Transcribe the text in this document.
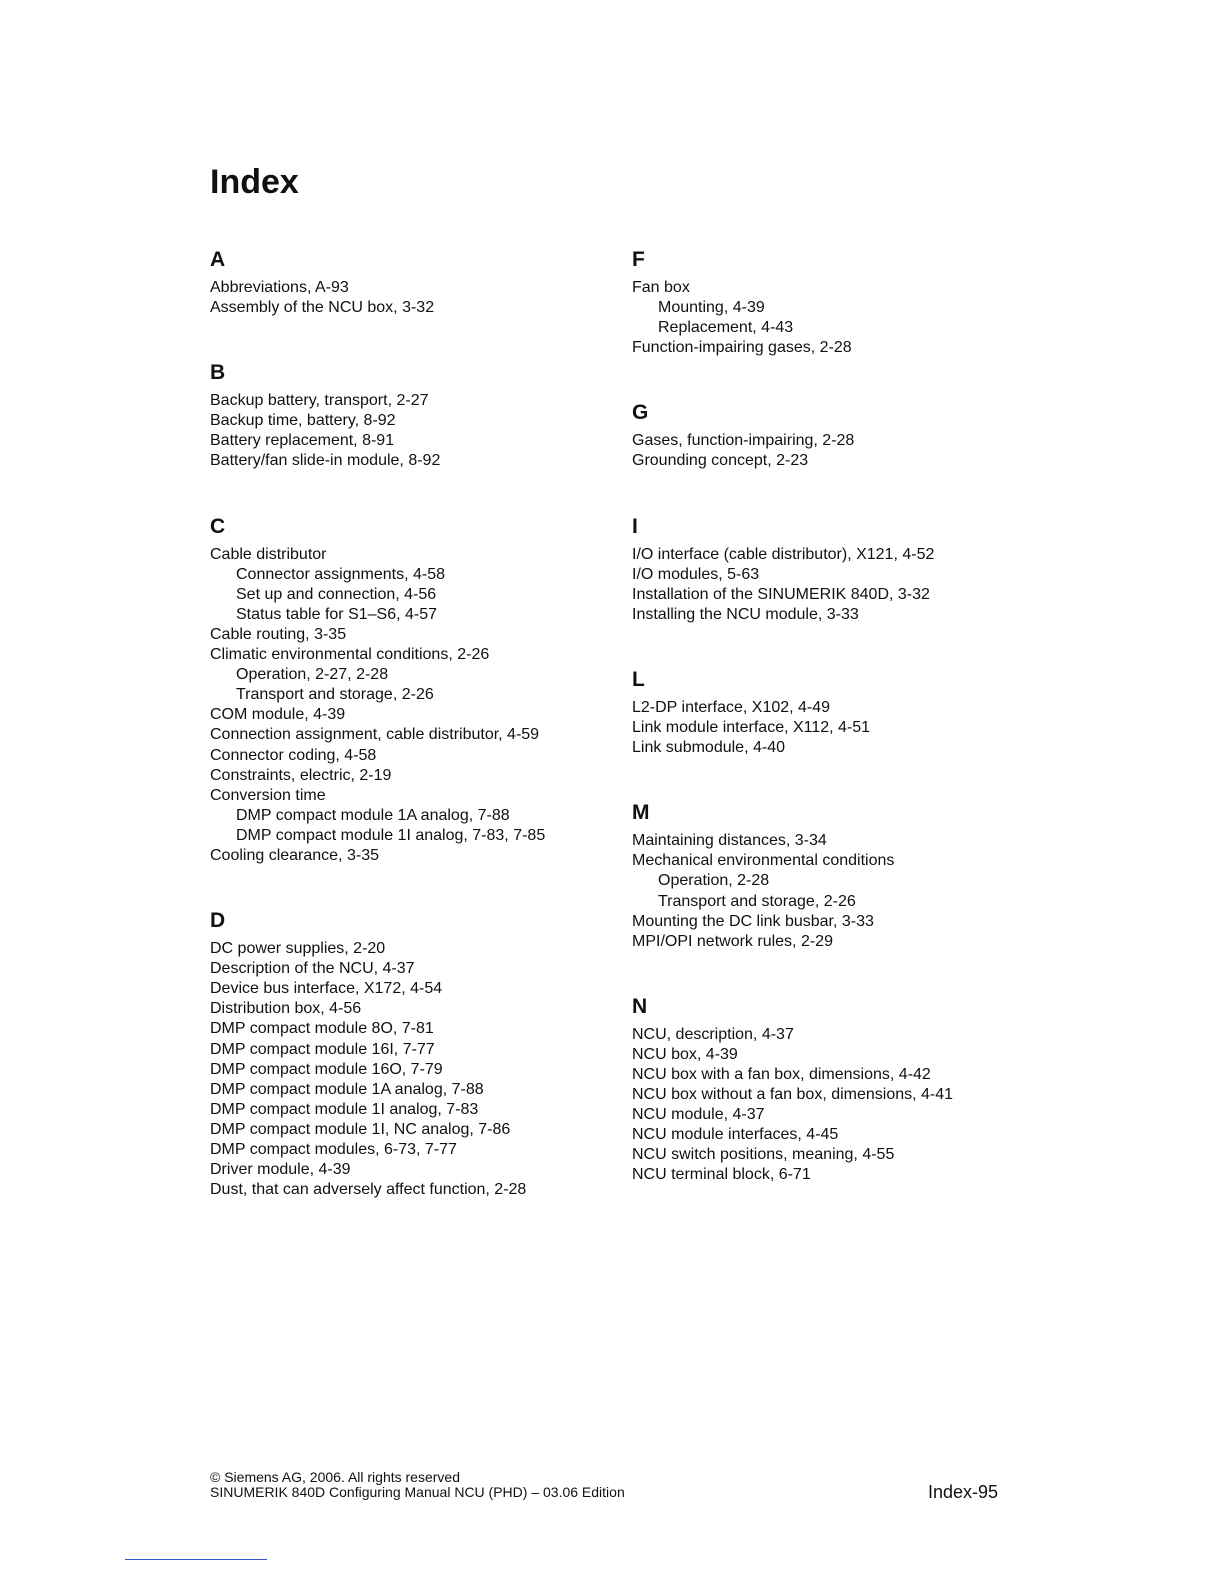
Index
A
Abbreviations, A-93
Assembly of the NCU box, 3-32
B
Backup battery, transport, 2-27
Backup time, battery, 8-92
Battery replacement, 8-91
Battery/fan slide-in module, 8-92
C
Cable distributor
Connector assignments, 4-58
Set up and connection, 4-56
Status table for S1–S6, 4-57
Cable routing, 3-35
Climatic environmental conditions, 2-26
Operation, 2-27, 2-28
Transport and storage, 2-26
COM module, 4-39
Connection assignment, cable distributor, 4-59
Connector coding, 4-58
Constraints, electric, 2-19
Conversion time
DMP compact module 1A analog, 7-88
DMP compact module 1I analog, 7-83, 7-85
Cooling clearance, 3-35
D
DC power supplies, 2-20
Description of the NCU, 4-37
Device bus interface, X172, 4-54
Distribution box, 4-56
DMP compact module 8O, 7-81
DMP compact module 16I, 7-77
DMP compact module 16O, 7-79
DMP compact module 1A analog, 7-88
DMP compact module 1I analog, 7-83
DMP compact module 1I, NC analog, 7-86
DMP compact modules, 6-73, 7-77
Driver module, 4-39
Dust, that can adversely affect function, 2-28
F
Fan box
Mounting, 4-39
Replacement, 4-43
Function-impairing gases, 2-28
G
Gases, function-impairing, 2-28
Grounding concept, 2-23
I
I/O interface (cable distributor), X121, 4-52
I/O modules, 5-63
Installation of the SINUMERIK 840D, 3-32
Installing the NCU module, 3-33
L
L2-DP interface, X102, 4-49
Link module interface, X112, 4-51
Link submodule, 4-40
M
Maintaining distances, 3-34
Mechanical environmental conditions
Operation, 2-28
Transport and storage, 2-26
Mounting the DC link busbar, 3-33
MPI/OPI network rules, 2-29
N
NCU, description, 4-37
NCU box, 4-39
NCU box with a fan box, dimensions, 4-42
NCU box without a fan box, dimensions, 4-41
NCU module, 4-37
NCU module interfaces, 4-45
NCU switch positions, meaning, 4-55
NCU terminal block, 6-71
© Siemens AG, 2006. All rights reserved
SINUMERIK 840D Configuring Manual NCU (PHD) – 03.06 Edition	Index-95
